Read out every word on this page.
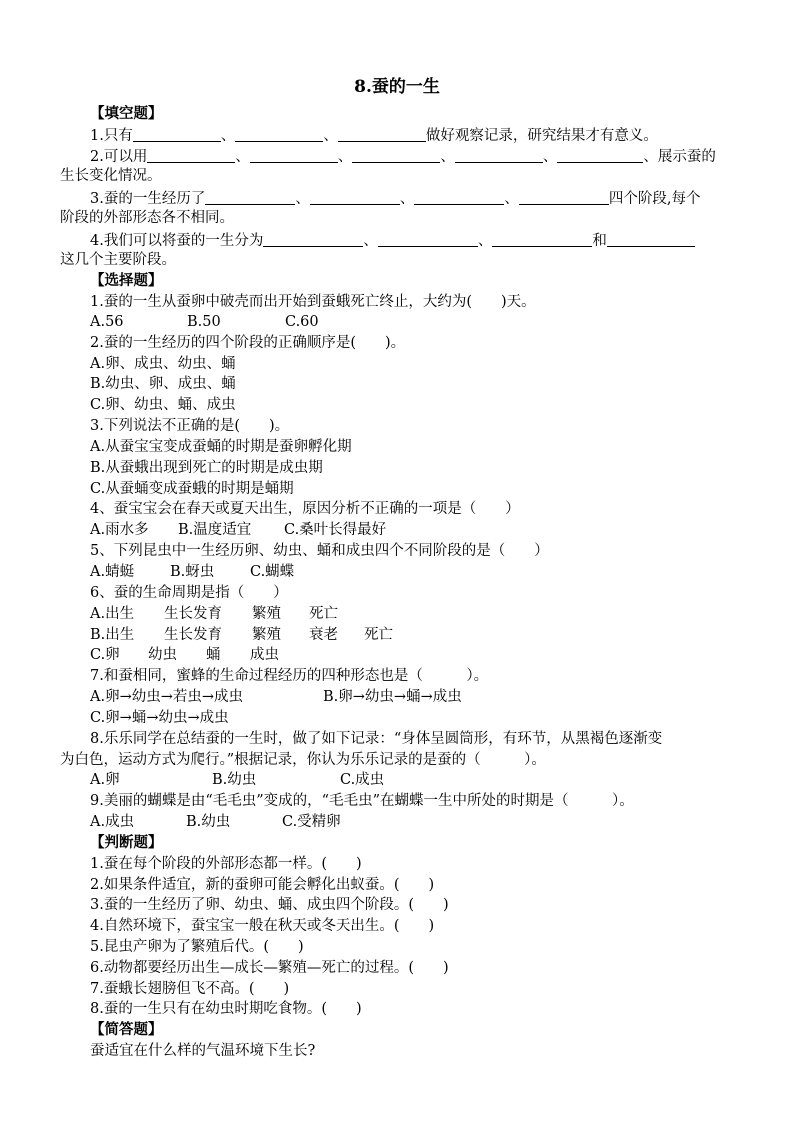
8.蚕的一生
【填空题】
1.只有	、	、	做好观察记录，研究结果才有意义。
2.可以用	、	、	、	、	、展示蚕的
生长变化情况。
3.蚕的一生经历了	、	、	、	四个阶段,每个
阶段的外部形态各不相同。
4.我们可以将蚕的一生分为	、	、	和
这几个主要阶段。
【选择题】
1.蚕的一生从蚕卵中破壳而出开始到蚕蛾死亡终止，大约为(　　)天。
A.56	B.50	C.60
2.蚕的一生经历的四个阶段的正确顺序是(　　)。
A.卵、成虫、幼虫、蛹
B.幼虫、卵、成虫、蛹
C.卵、幼虫、蛹、成虫
3.下列说法不正确的是(　　)。
A.从蚕宝宝变成蚕蛹的时期是蚕卵孵化期
B.从蚕蛾出现到死亡的时期是成虫期
C.从蚕蛹变成蚕蛾的时期是蛹期
4、蚕宝宝会在春天或夏天出生，原因分析不正确的一项是（　　）
A.雨水多 B.温度适宜 C.桑叶长得最好
5、下列昆虫中一生经历卵、幼虫、蛹和成虫四个不同阶段的是（　　）
A.蜻蜓 B.蚜虫 C.蝴蝶
6、蚕的生命周期是指（　　）
A.出生 生长发育 繁殖 死亡
B.出生 生长发育 繁殖 衰老 死亡
C.卵 幼虫 蛹 成虫
7.和蚕相同，蜜蜂的生命过程经历的四种形态也是（　　　）。
A.卵→幼虫→若虫→成虫	B.卵→幼虫→蛹→成虫
C.卵→蛹→幼虫→成虫
8.乐乐同学在总结蚕的一生时，做了如下记录：“身体呈圆筒形，有环节，从黑褐色逐渐变
为白色，运动方式为爬行。”根据记录，你认为乐乐记录的是蚕的（　　　）。
A.卵	B.幼虫	C.成虫
9.美丽的蝴蝶是由“毛毛虫”变成的，“毛毛虫”在蝴蝶一生中所处的时期是（　　　）。
A.成虫	B.幼虫	C.受精卵
【判断题】
1.蚕在每个阶段的外部形态都一样。(　　)
2.如果条件适宜，新的蚕卵可能会孵化出蚁蚕。(　　)
3.蚕的一生经历了卵、幼虫、蛹、成虫四个阶段。(　　)
4.自然环境下，蚕宝宝一般在秋天或冬天出生。(　　)
5.昆虫产卵为了繁殖后代。(　　)
6.动物都要经历出生—成长—繁殖—死亡的过程。(　　)
7.蚕蛾长翅膀但飞不高。(　　)
8.蚕的一生只有在幼虫时期吃食物。(　　)
【简答题】
蚕适宜在什么样的气温环境下生长?
